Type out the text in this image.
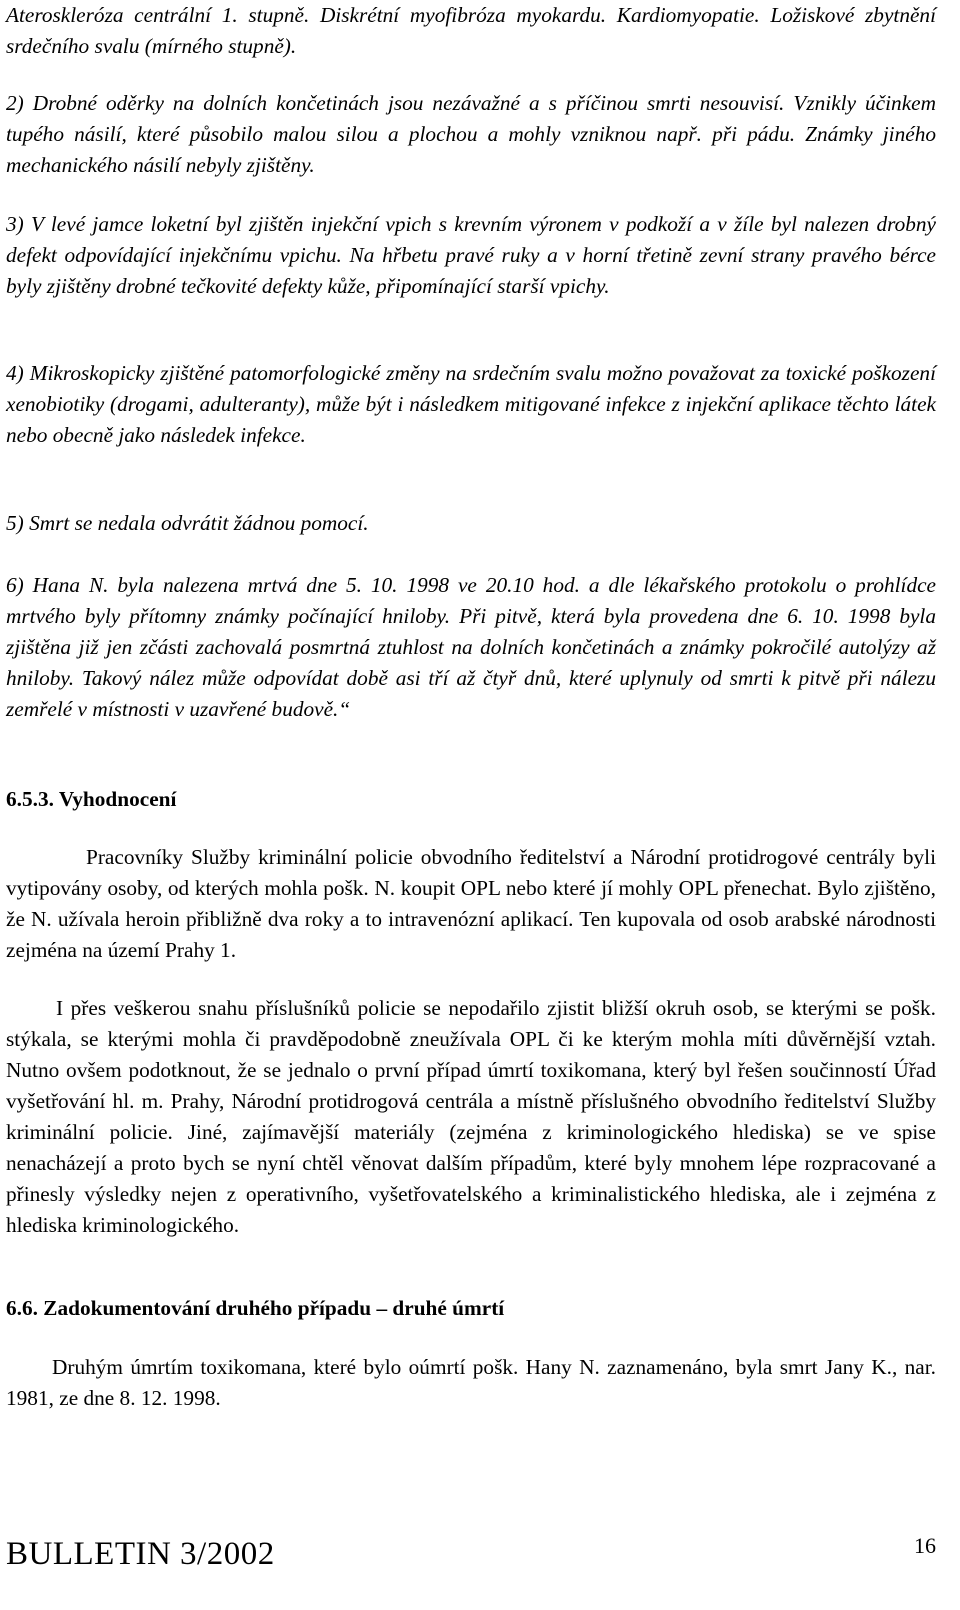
Ateroskleróza centrální 1. stupně. Diskrétní myofibróza myokardu. Kardiomyopatie. Ložiskové zbytnění srdečního svalu (mírného stupně).

2) Drobné oděrky na dolních končetinách jsou nezávažné a s příčinou smrti nesouvisí. Vznikly účinkem tupého násilí, které působilo malou silou a plochou a mohly vzniknou např. při pádu. Známky jiného mechanického násilí nebyly zjištěny.

3) V levé jamce loketní byl zjištěn injekční vpich s krevním výronem v podkoží a v žíle byl nalezen drobný defekt odpovídající injekčnímu vpichu. Na hřbetu pravé ruky a v horní třetině zevní strany pravého bérce byly zjištěny drobné tečkovité defekty kůže, připomínající starší vpichy.

4) Mikroskopicky zjištěné patomorfologické změny na srdečním svalu možno považovat za toxické poškození xenobiotiky (drogami, adulteranty), může být i následkem mitigované infekce z injekční aplikace těchto látek nebo obecně jako následek infekce.

5) Smrt se nedala odvrátit žádnou pomocí.

6) Hana N. byla nalezena mrtvá dne 5. 10. 1998 ve 20.10 hod. a dle lékařského protokolu o prohlídce mrtvého byly přítomny známky počínající hniloby. Při pitvě, která byla provedena dne 6. 10. 1998 byla zjištěna již jen zčásti zachovalá posmrtná ztuhlost na dolních končetinách a známky pokročilé autolýzy až hniloby. Takový nález může odpovídat době asi tří až čtyř dnů, které uplynuly od smrti k pitvě při nálezu zemřelé v místnosti v uzavřené budově.“

6.5.3. Vyhodnocení

Pracovníky Služby kriminální policie obvodního ředitelství a Národní protidrogové centrály byli vytipovány osoby, od kterých mohla pošk. N. koupit OPL nebo které jí mohly OPL přenechat. Bylo zjištěno, že N. užívala heroin přibližně dva roky a to intravenózní aplikací. Ten kupovala od osob arabské národnosti zejména na území Prahy 1.

I přes veškerou snahu příslušníků policie se nepodařilo zjistit bližší okruh osob, se kterými se pošk. stýkala, se kterými mohla či pravděpodobně zneužívala OPL či ke kterým mohla míti důvěrnější vztah. Nutno ovšem podotknout, že se jednalo o první případ úmrtí toxikomana, který byl řešen součinností Úřad vyšetřování hl. m. Prahy, Národní protidrogová centrála a místně příslušného obvodního ředitelství Služby kriminální policie. Jiné, zajímavější materiály (zejména z kriminologického hlediska) se ve spise nenacházejí a proto bych se nyní chtěl věnovat dalším případům, které byly mnohem lépe rozpracované a přinesly výsledky nejen z operativního, vyšetřovatelského a kriminalistického hlediska, ale i zejména z hlediska kriminologického.

6.6. Zadokumentování druhého případu – druhé úmrtí

Druhým úmrtím toxikomana, které bylo oúmrtí pošk. Hany N. zaznamenáno, byla smrt Jany K., nar. 1981, ze dne 8. 12. 1998.

BULLETIN 3/2002	16
